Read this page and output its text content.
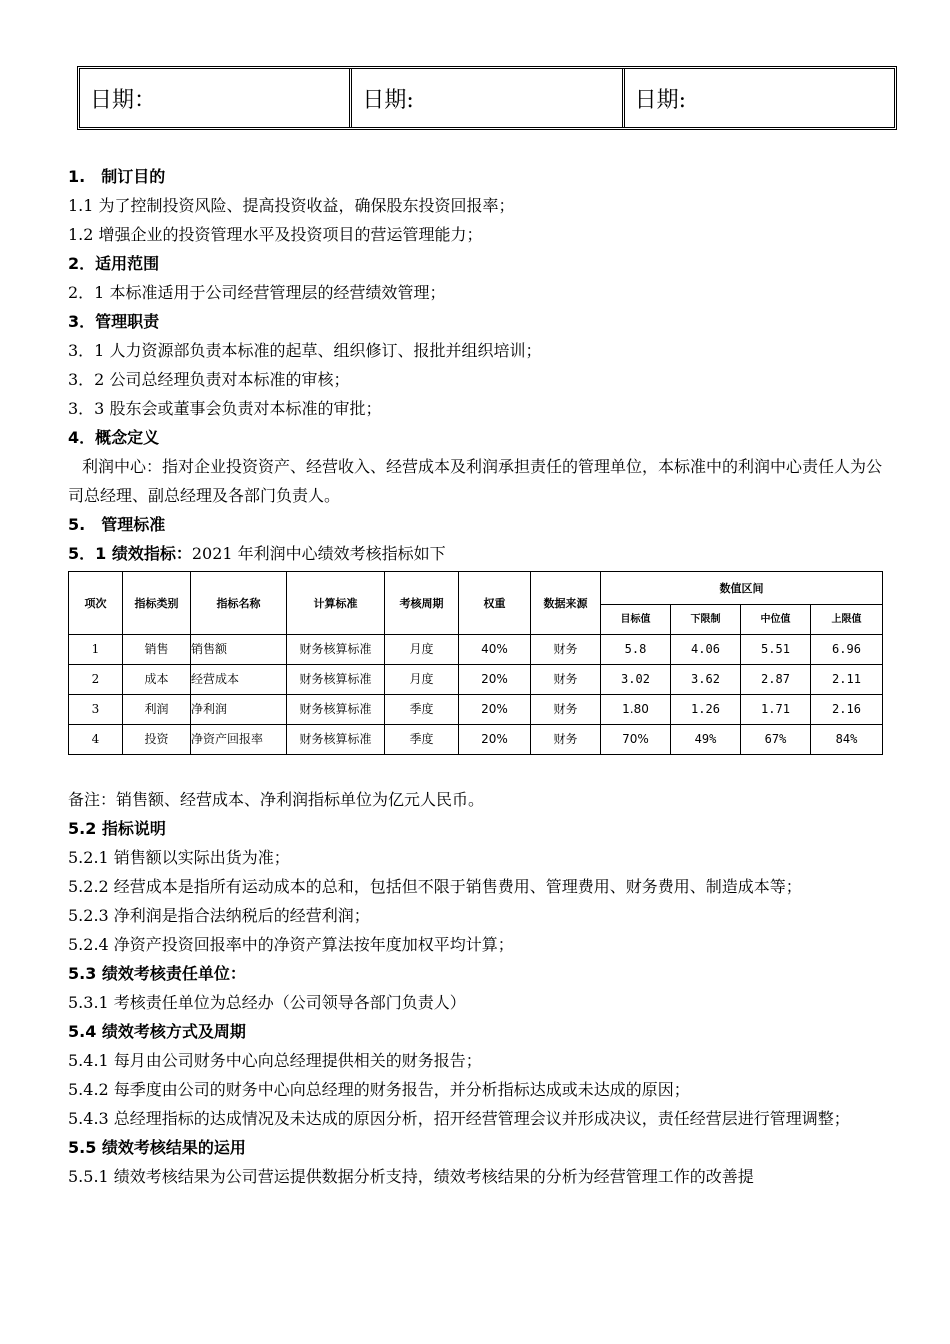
日期：	日期:	日期:

1.　制订目的

1.1 为了控制投资风险、提高投资收益，确保股东投资回报率；

1.2 增强企业的投资管理水平及投资项目的营运管理能力；

2．适用范围

2．1 本标准适用于公司经营管理层的经营绩效管理；

3．管理职责

3．1 人力资源部负责本标准的起草、组织修订、报批并组织培训；

3．2 公司总经理负责对本标准的审核；

3．3 股东会或董事会负责对本标准的审批；

4．概念定义

利润中心：指对企业投资资产、经营收入、经营成本及利润承担责任的管理单位，本标准中的利润中心责任人为公司总经理、副总经理及各部门负责人。

5.　管理标准

5．1 绩效指标：2021 年利润中心绩效考核指标如下

项次	指标类别	指标名称	计算标准	考核周期	权重	数据来源	数值区间			
							目标值	下限制	中位值	上限值
1	销售	销售额	财务核算标准	月度	40%	财务	5.8	4.06	5.51	6.96
2	成本	经营成本	财务核算标准	月度	20%	财务	3.02	3.62	2.87	2.11
3	利润	净利润	财务核算标准	季度	20%	财务	1.80	1.26	1.71	2.16
4	投资	净资产回报率	财务核算标准	季度	20%	财务	70%	49%	67%	84%

备注：销售额、经营成本、净利润指标单位为亿元人民币。

5.2 指标说明

5.2.1 销售额以实际出货为准；

5.2.2 经营成本是指所有运动成本的总和，包括但不限于销售费用、管理费用、财务费用、制造成本等；

5.2.3 净利润是指合法纳税后的经营利润；

5.2.4 净资产投资回报率中的净资产算法按年度加权平均计算；

5.3 绩效考核责任单位：

5.3.1 考核责任单位为总经办（公司领导各部门负责人）

5.4 绩效考核方式及周期

5.4.1 每月由公司财务中心向总经理提供相关的财务报告；

5.4.2 每季度由公司的财务中心向总经理的财务报告，并分析指标达成或未达成的原因；

5.4.3 总经理指标的达成情况及未达成的原因分析，招开经营管理会议并形成决议，责任经营层进行管理调整；

5.5 绩效考核结果的运用

5.5.1 绩效考核结果为公司营运提供数据分析支持，绩效考核结果的分析为经营管理工作的改善提
